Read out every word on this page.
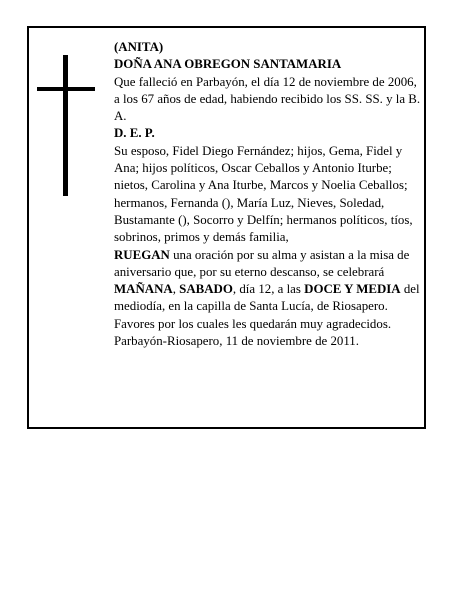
(ANITA)

DOÑA ANA OBREGON SANTAMARIA

Que falleció en Parbayón, el día 12 de noviembre de 2006,

a los 67 años de edad, habiendo recibido los SS. SS. y la B. A.

D. E. P.

Su esposo, Fidel Diego Fernández; hijos, Gema, Fidel y Ana; hijos políticos, Oscar Ceballos y Antonio Iturbe; nietos, Carolina y Ana Iturbe, Marcos y Noelia Ceballos; hermanos, Fernanda (), María Luz, Nieves, Soledad, Bustamante (), Socorro y Delfín; hermanos políticos, tíos, sobrinos, primos y demás familia,

RUEGAN una oración por su alma y asistan a la misa de aniversario que, por su eterno descanso, se celebrará MAÑANA, SABADO, día 12, a las DOCE Y MEDIA del mediodía, en la capilla de Santa Lucía, de Riosapero. Favores por los cuales les quedarán muy agradecidos.

Parbayón-Riosapero, 11 de noviembre de 2011.
